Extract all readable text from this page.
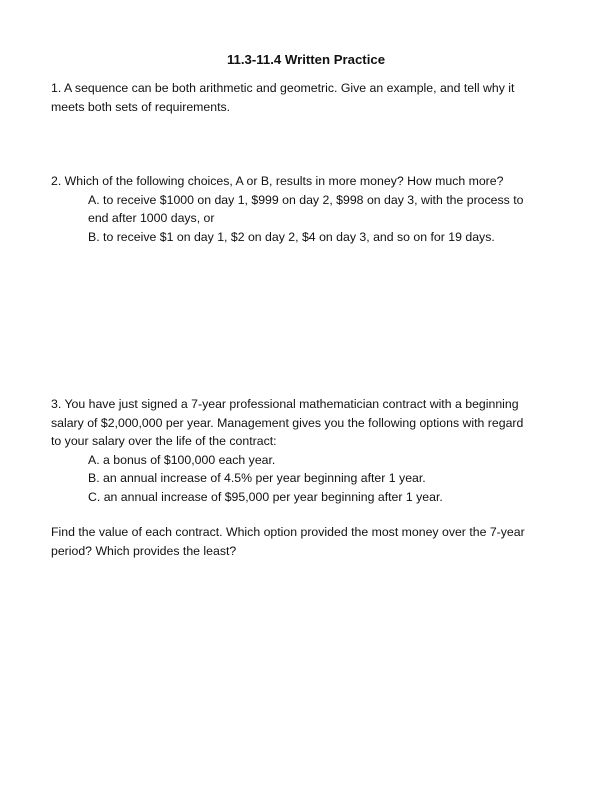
11.3-11.4 Written Practice
1. A sequence can be both arithmetic and geometric. Give an example, and tell why it
meets both sets of requirements.
2. Which of the following choices, A or B, results in more money? How much more?
A. to receive $1000 on day 1, $999 on day 2, $998 on day 3, with the process to
end after 1000 days, or
B. to receive $1 on day 1, $2 on day 2, $4 on day 3, and so on for 19 days.
3. You have just signed a 7-year professional mathematician contract with a beginning
salary of $2,000,000 per year. Management gives you the following options with regard
to your salary over the life of the contract:
A. a bonus of $100,000 each year.
B. an annual increase of 4.5% per year beginning after 1 year.
C. an annual increase of $95,000 per year beginning after 1 year.
Find the value of each contract. Which option provided the most money over the 7-year
period? Which provides the least?
